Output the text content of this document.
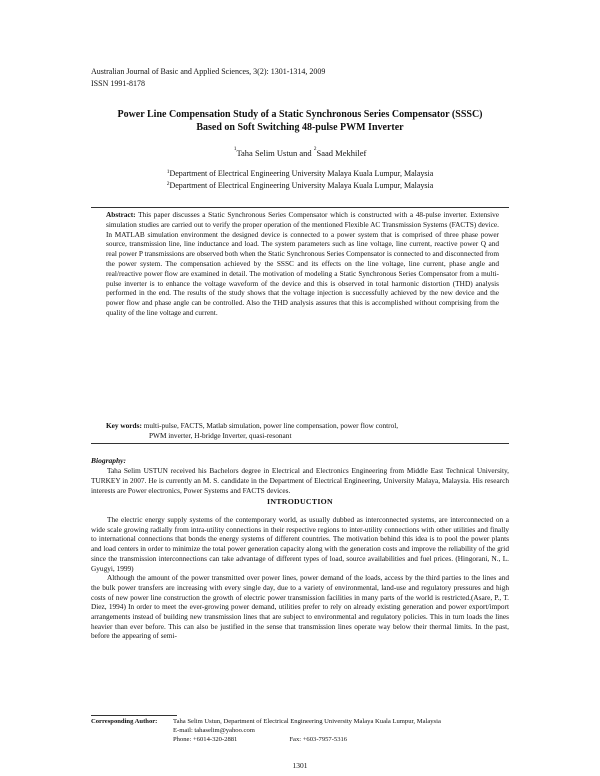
Australian Journal of Basic and Applied Sciences, 3(2): 1301-1314, 2009
ISSN 1991-8178
Power Line Compensation Study of a Static Synchronous Series Compensator (SSSC)
Based on Soft Switching 48-pulse PWM Inverter
$^1$Taha Selim Ustun and $^2$Saad Mekhilef
$^1$Department of Electrical Engineering University Malaya Kuala Lumpur, Malaysia
$^2$Department of Electrical Engineering University Malaya Kuala Lumpur, Malaysia
Abstract: This paper discusses a Static Synchronous Series Compensator which is constructed with a 48-pulse inverter. Extensive simulation studies are carried out to verify the proper operation of the mentioned Flexible AC Transmission Systems (FACTS) device. In MATLAB simulation environment the designed device is connected to a power system that is comprised of three phase power source, transmission line, line inductance and load. The system parameters such as line voltage, line current, reactive power Q and real power P transmissions are observed both when the Static Synchronous Series Compensator is connected to and disconnected from the power system. The compensation achieved by the SSSC and its effects on the line voltage, line current, phase angle and real/reactive power flow are examined in detail. The motivation of modeling a Static Synchronous Series Compensator from a multi-pulse inverter is to enhance the voltage waveform of the device and this is observed in total harmonic distortion (THD) analysis performed in the end. The results of the study shows that the voltage injection is successfully achieved by the new device and the power flow and phase angle can be controlled. Also the THD analysis assures that this is accomplished without comprising from the quality of the line voltage and current.
Key words: multi-pulse, FACTS, Matlab simulation, power line compensation, power flow control,
PWM inverter, H-bridge Inverter, quasi-resonant
Biography:
Taha Selim USTUN received his Bachelors degree in Electrical and Electronics Engineering from Middle East Technical University, TURKEY in 2007. He is currently an M. S. candidate in the Department of Electrical Engineering, University Malaya, Malaysia. His research interests are Power electronics, Power Systems and FACTS devices.
INTRODUCTION

The electric energy supply systems of the contemporary world, as usually dubbed as interconnected systems, are interconnected on a wide scale growing radially from intra-utility connections in their respective regions to inter-utility connections with other utilities and finally to international connections that bonds the energy systems of different countries. The motivation behind this idea is to pool the power plants and load centers in order to minimize the total power generation capacity along with the generation costs and improve the reliability of the grid since the transmission interconnections can take advantage of different types of load, source availabilities and fuel prices. (Hingorani, N., L. Gyugyi, 1999)

Although the amount of the power transmitted over power lines, power demand of the loads, access by the third parties to the lines and the bulk power transfers are increasing with every single day, due to a variety of environmental, land-use and regulatory pressures and high costs of new power line construction the growth of electric power transmission facilities in many parts of the world is restricted.(Asare, P., T. Diez, 1994) In order to meet the ever-growing power demand, utilities prefer to rely on already existing generation and power export/import arrangements instead of building new transmission lines that are subject to environmental and regulatory policies. This in turn loads the lines heavier than ever before. This can also be justified in the sense that transmission lines operate way below their thermal limits. In the past, before the appearing of semi-

Corresponding Author:	Taha Selim Ustun, Department of Electrical Engineering University Malaya Kuala Lumpur, Malaysia
E-mail: tahaselim@yahoo.com
Phone: +6014-320-2881	Fax: +603-7957-5316
1301
